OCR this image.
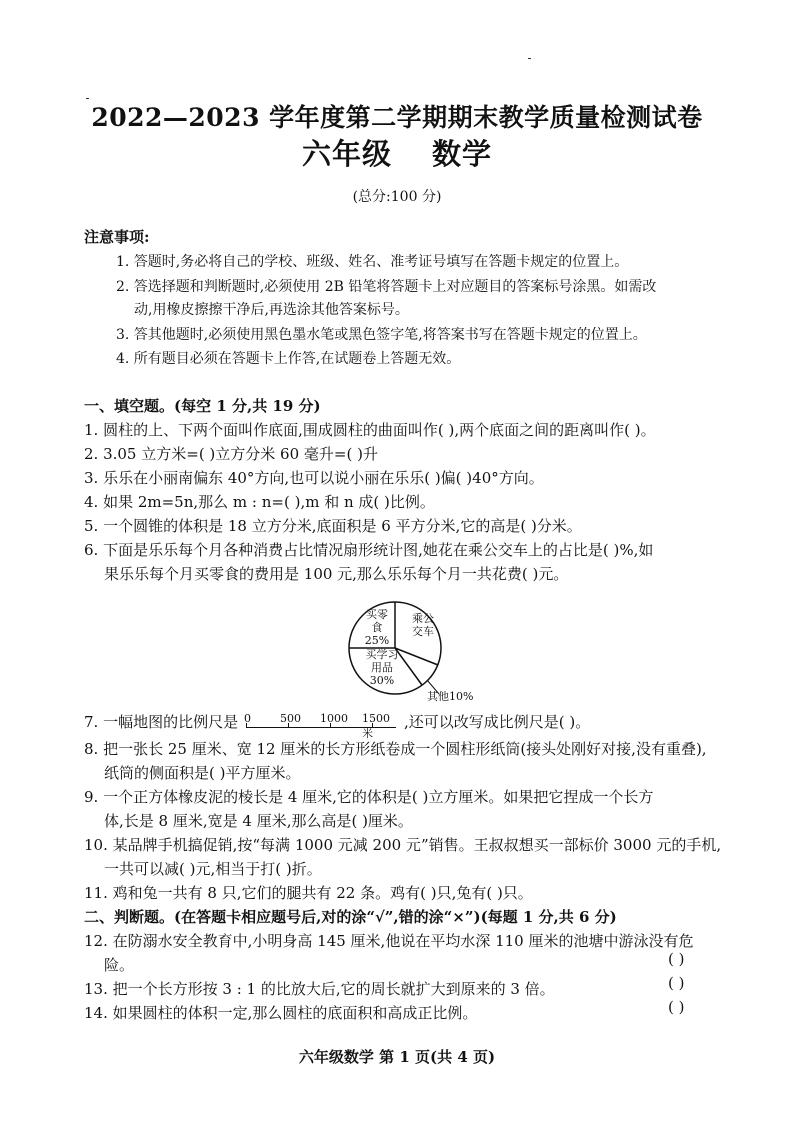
2022—2023 学年度第二学期期末教学质量检测试卷
六年级 数学
(总分:100 分)
注意事项:
1. 答题时,务必将自己的学校、班级、姓名、准考证号填写在答题卡规定的位置上。
2. 答选择题和判断题时,必须使用 2B 铅笔将答题卡上对应题目的答案标号涂黑。如需改
动,用橡皮擦擦干净后,再选涂其他答案标号。
3. 答其他题时,必须使用黑色墨水笔或黑色签字笔,将答案书写在答题卡规定的位置上。
4. 所有题目必须在答题卡上作答,在试题卷上答题无效。
一、填空题。(每空 1 分,共 19 分)
1. 圆柱的上、下两个面叫作底面,围成圆柱的曲面叫作( ),两个底面之间的距离叫作( )。
2. 3.05 立方米=( )立方分米 60 毫升=( )升
3. 乐乐在小丽南偏东 40°方向,也可以说小丽在乐乐( )偏( )40°方向。
4. 如果 2m=5n,那么 m : n=( ),m 和 n 成( )比例。
5. 一个圆锥的体积是 18 立方分米,底面积是 6 平方分米,它的高是( )分米。
6. 下面是乐乐每个月各种消费占比情况扇形统计图,她花在乘公交车上的占比是( )%,如
果乐乐每个月买零食的费用是 100 元,那么乐乐每个月一共花费( )元。
买零食
25%
乘公
交车
买学习
用品
30%
其他10%
7. 一幅地图的比例尺是 0	500 1000 1500米
,还可以改写成比例尺是( )。
8. 把一张长 25 厘米、宽 12 厘米的长方形纸卷成一个圆柱形纸筒(接头处刚好对接,没有重叠),
纸筒的侧面积是( )平方厘米。
9. 一个正方体橡皮泥的棱长是 4 厘米,它的体积是( )立方厘米。如果把它捏成一个长方
体,长是 8 厘米,宽是 4 厘米,那么高是( )厘米。
10. 某品牌手机搞促销,按“每满 1000 元减 200 元”销售。王叔叔想买一部标价 3000 元的手机,
一共可以减( )元,相当于打( )折。
11. 鸡和兔一共有 8 只,它们的腿共有 22 条。鸡有( )只,兔有( )只。
二、判断题。(在答题卡相应题号后,对的涂“√”,错的涂“×”)(每题 1 分,共 6 分)
12. 在防溺水安全教育中,小明身高 145 厘米,他说在平均水深 110 厘米的池塘中游泳没有危
险。	( )
13. 把一个长方形按 3 : 1 的比放大后,它的周长就扩大到原来的 3 倍。	( )
14. 如果圆柱的体积一定,那么圆柱的底面积和高成正比例。	( )
六年级数学 第 1 页(共 4 页)
